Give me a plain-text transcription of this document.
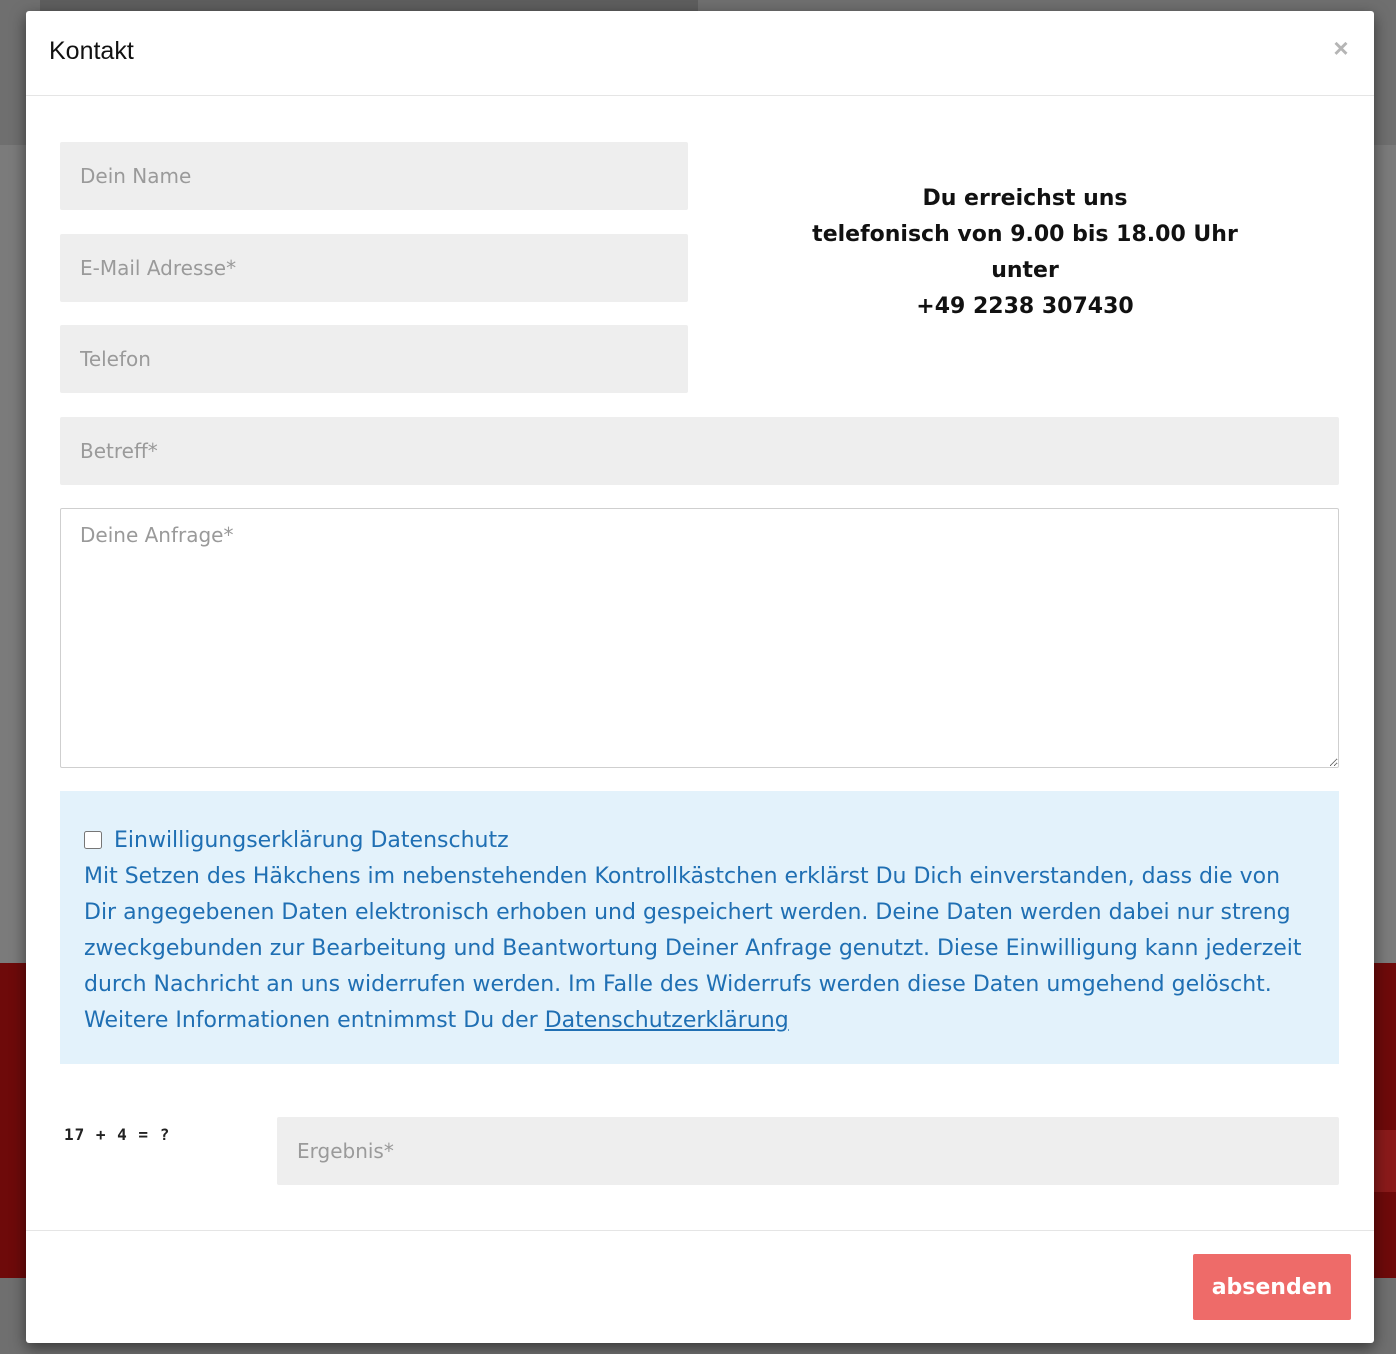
Kontakt	×
Dein Name
E-Mail Adresse*
Telefon
Du erreichst uns
telefonisch von 9.00 bis 18.00 Uhr unter
+49 2238 307430
Betreff*
Deine Anfrage*
Einwilligungserklärung Datenschutz
Mit Setzen des Häkchens im nebenstehenden Kontrollkästchen erklärst Du Dich einverstanden, dass die von Dir angegebenen Daten elektronisch erhoben und gespeichert werden. Deine Daten werden dabei nur streng zweckgebunden zur Bearbeitung und Beantwortung Deiner Anfrage genutzt. Diese Einwilligung kann jederzeit durch Nachricht an uns widerrufen werden. Im Falle des Widerrufs werden diese Daten umgehend gelöscht. Weitere Informationen entnimmst Du der Datenschutzerklärung
17 + 4 = ?
Ergebnis*
absenden
